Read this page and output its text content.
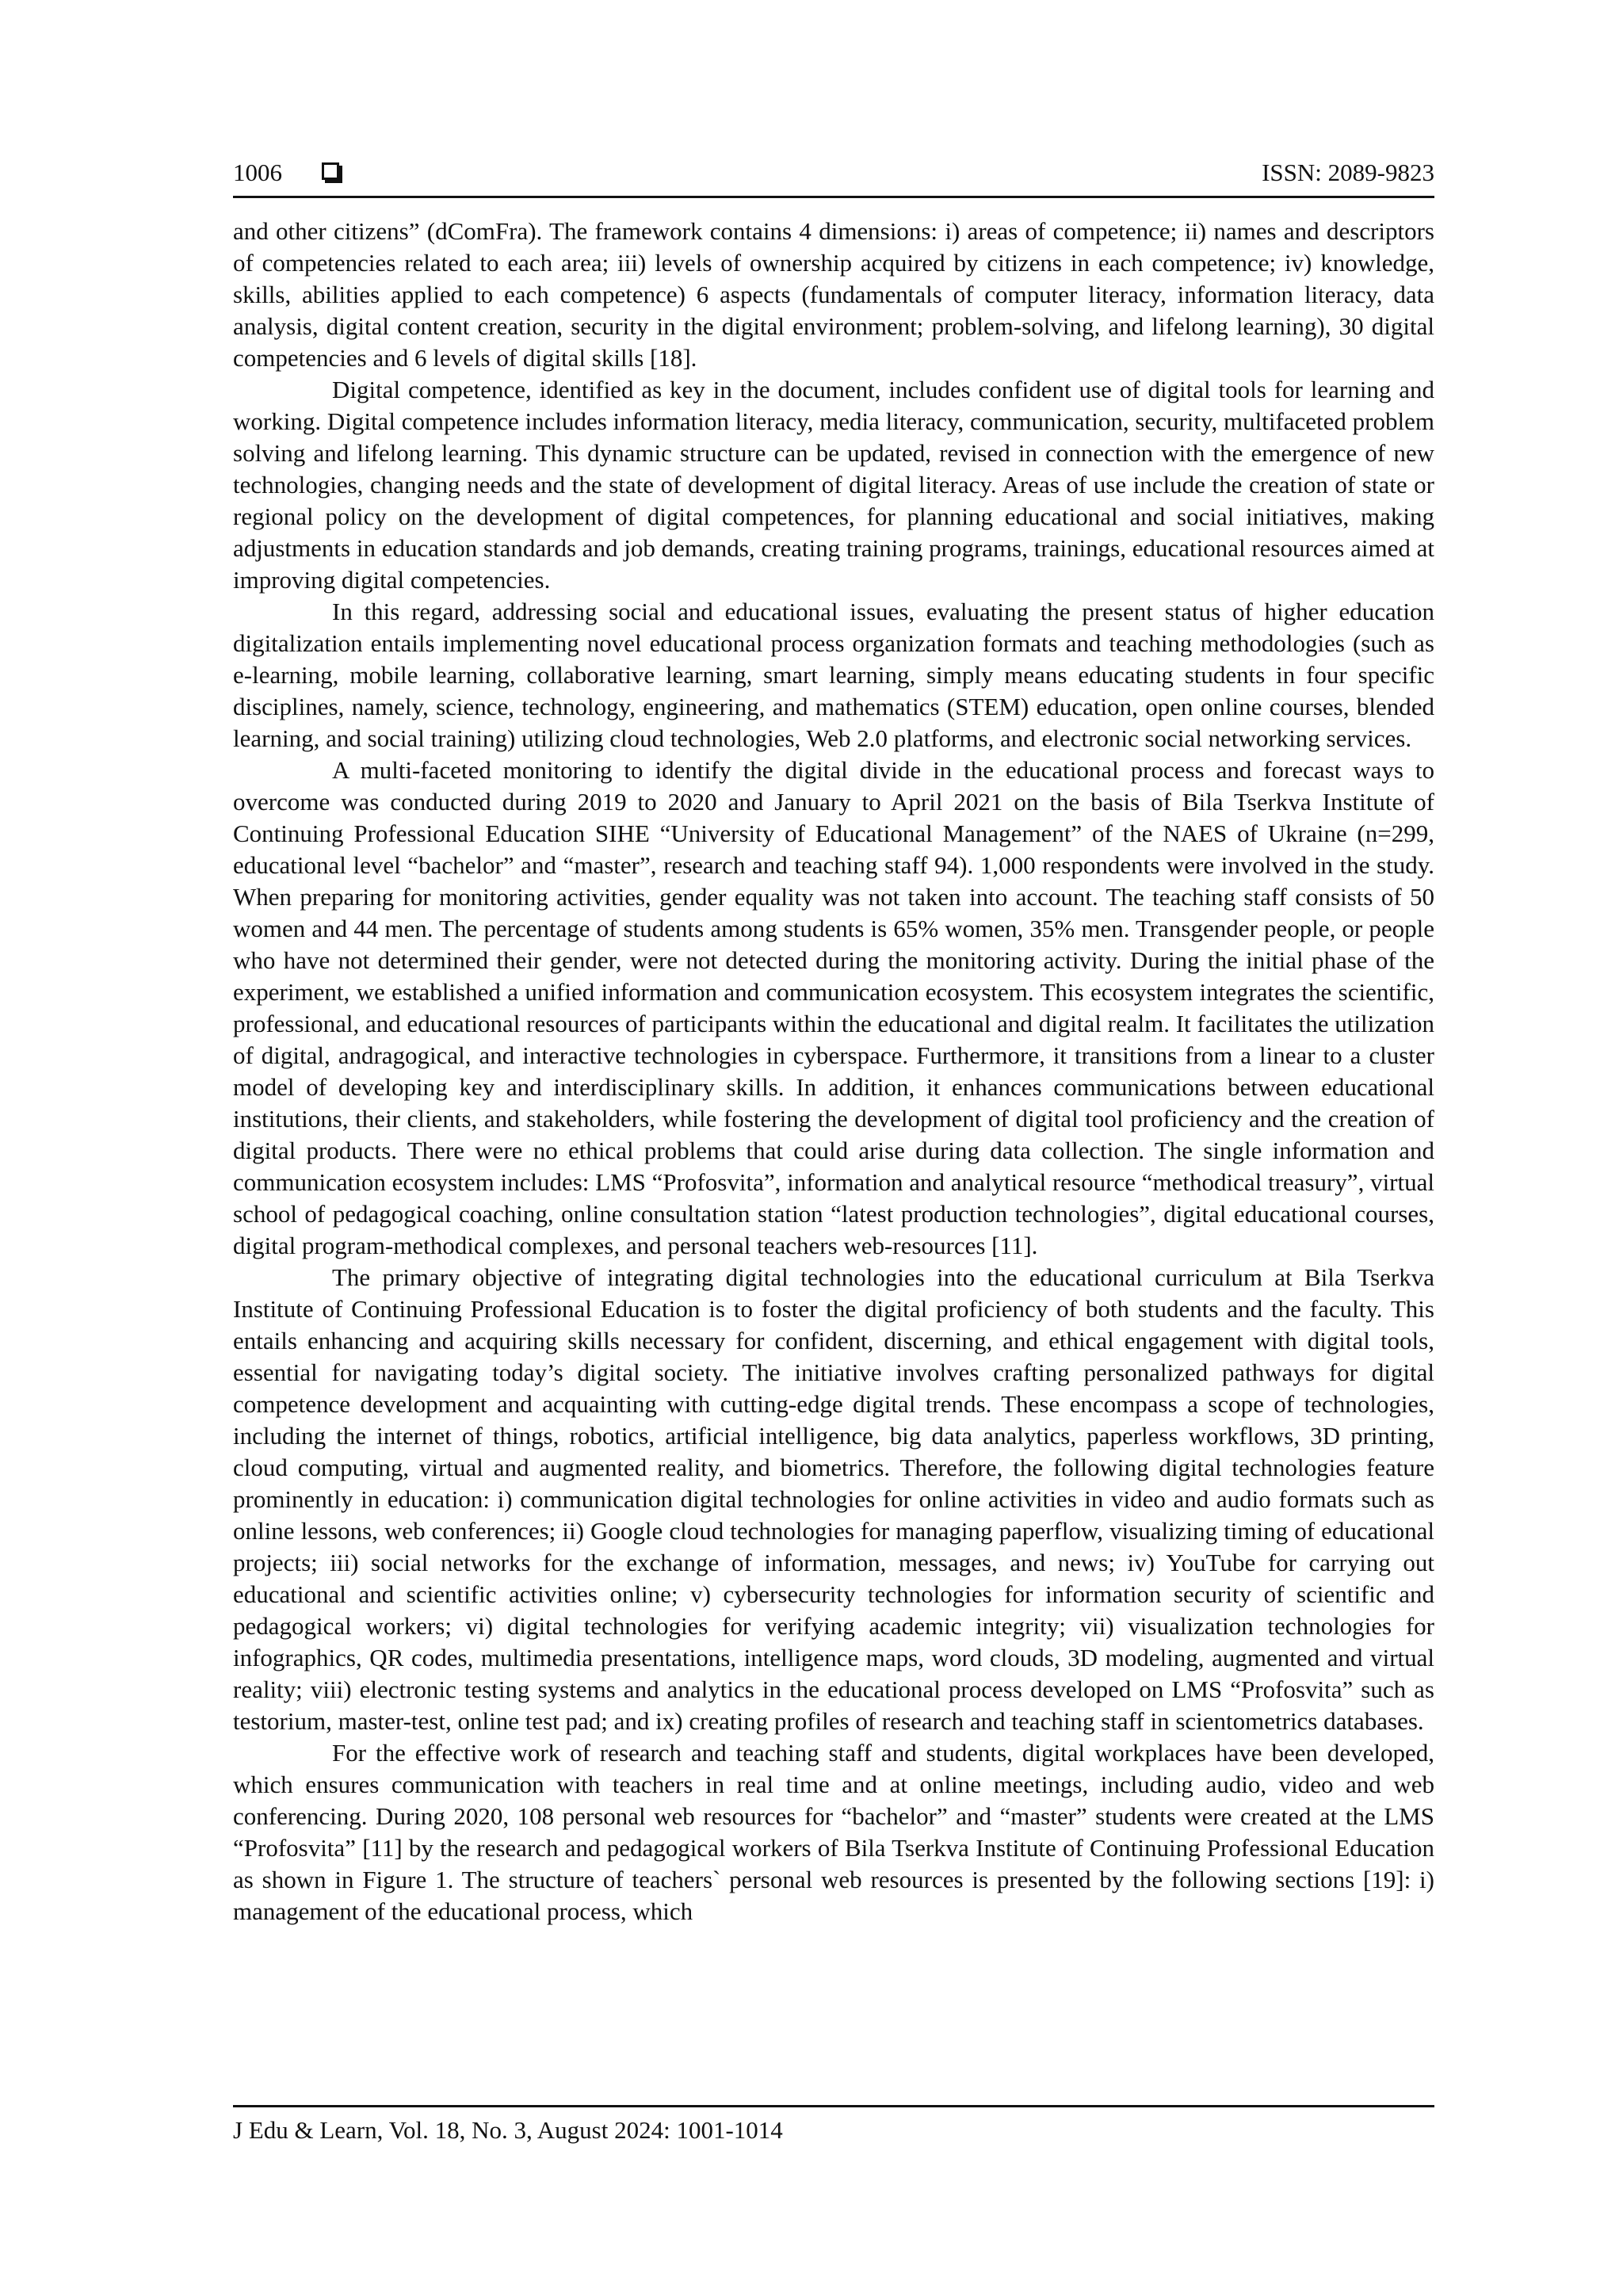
1006	ISSN: 2089-9823

and other citizens” (dComFra). The framework contains 4 dimensions: i) areas of competence; ii) names and descriptors of competencies related to each area; iii) levels of ownership acquired by citizens in each competence; iv) knowledge, skills, abilities applied to each competence) 6 aspects (fundamentals of computer literacy, information literacy, data analysis, digital content creation, security in the digital environment; problem-solving, and lifelong learning), 30 digital competencies and 6 levels of digital skills [18].

Digital competence, identified as key in the document, includes confident use of digital tools for learning and working. Digital competence includes information literacy, media literacy, communication, security, multifaceted problem solving and lifelong learning. This dynamic structure can be updated, revised in connection with the emergence of new technologies, changing needs and the state of development of digital literacy. Areas of use include the creation of state or regional policy on the development of digital competences, for planning educational and social initiatives, making adjustments in education standards and job demands, creating training programs, trainings, educational resources aimed at improving digital competencies.

In this regard, addressing social and educational issues, evaluating the present status of higher education digitalization entails implementing novel educational process organization formats and teaching methodologies (such as e-learning, mobile learning, collaborative learning, smart learning, simply means educating students in four specific disciplines, namely, science, technology, engineering, and mathematics (STEM) education, open online courses, blended learning, and social training) utilizing cloud technologies, Web 2.0 platforms, and electronic social networking services.

A multi-faceted monitoring to identify the digital divide in the educational process and forecast ways to overcome was conducted during 2019 to 2020 and January to April 2021 on the basis of Bila Tserkva Institute of Continuing Professional Education SIHE “University of Educational Management” of the NAES of Ukraine (n=299, educational level “bachelor” and “master”, research and teaching staff 94). 1,000 respondents were involved in the study. When preparing for monitoring activities, gender equality was not taken into account. The teaching staff consists of 50 women and 44 men. The percentage of students among students is 65% women, 35% men. Transgender people, or people who have not determined their gender, were not detected during the monitoring activity. During the initial phase of the experiment, we established a unified information and communication ecosystem. This ecosystem integrates the scientific, professional, and educational resources of participants within the educational and digital realm. It facilitates the utilization of digital, andragogical, and interactive technologies in cyberspace. Furthermore, it transitions from a linear to a cluster model of developing key and interdisciplinary skills. In addition, it enhances communications between educational institutions, their clients, and stakeholders, while fostering the development of digital tool proficiency and the creation of digital products. There were no ethical problems that could arise during data collection. The single information and communication ecosystem includes: LMS “Profosvita”, information and analytical resource “methodical treasury”, virtual school of pedagogical coaching, online consultation station “latest production technologies”, digital educational courses, digital program-methodical complexes, and personal teachers web-resources [11].

The primary objective of integrating digital technologies into the educational curriculum at Bila Tserkva Institute of Continuing Professional Education is to foster the digital proficiency of both students and the faculty. This entails enhancing and acquiring skills necessary for confident, discerning, and ethical engagement with digital tools, essential for navigating today’s digital society. The initiative involves crafting personalized pathways for digital competence development and acquainting with cutting-edge digital trends. These encompass a scope of technologies, including the internet of things, robotics, artificial intelligence, big data analytics, paperless workflows, 3D printing, cloud computing, virtual and augmented reality, and biometrics. Therefore, the following digital technologies feature prominently in education: i) communication digital technologies for online activities in video and audio formats such as online lessons, web conferences; ii) Google cloud technologies for managing paperflow, visualizing timing of educational projects; iii) social networks for the exchange of information, messages, and news; iv) YouTube for carrying out educational and scientific activities online; v) cybersecurity technologies for information security of scientific and pedagogical workers; vi) digital technologies for verifying academic integrity; vii) visualization technologies for infographics, QR codes, multimedia presentations, intelligence maps, word clouds, 3D modeling, augmented and virtual reality; viii) electronic testing systems and analytics in the educational process developed on LMS “Profosvita” such as testorium, master-test, online test pad; and ix) creating profiles of research and teaching staff in scientometrics databases.

For the effective work of research and teaching staff and students, digital workplaces have been developed, which ensures communication with teachers in real time and at online meetings, including audio, video and web conferencing. During 2020, 108 personal web resources for “bachelor” and “master” students were created at the LMS “Profosvita” [11] by the research and pedagogical workers of Bila Tserkva Institute of Continuing Professional Education as shown in Figure 1. The structure of teachers` personal web resources is presented by the following sections [19]: i) management of the educational process, which

J Edu & Learn, Vol. 18, No. 3, August 2024: 1001-1014
